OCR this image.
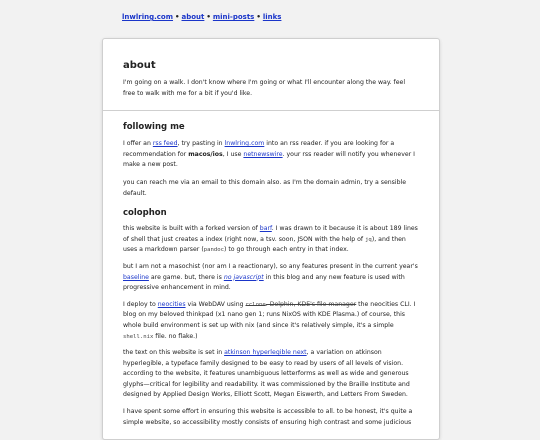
lnwlring.com • about • mini-posts • links
about

I'm going on a walk. I don't know where I'm going or what I'll encounter along the way. feel free to walk with me for a bit if you'd like.

following me

I offer an rss feed, try pasting in lnwlring.com into an rss reader. if you are looking for a recommendation for macos/ios, I use netnewswire. your rss reader will notify you whenever I make a new post.

you can reach me via an email to this domain also. as I'm the domain admin, try a sensible default.

colophon

this website is built with a forked version of barf. I was drawn to it because it is about 189 lines of shell that just creates a index (right now, a tsv. soon, JSON with the help of jq), and then uses a markdown parser (pandoc) to go through each entry in that index.

but I am not a masochist (nor am I a reactionary), so any features present in the current year's baseline are game. but, there is no javascript in this blog and any new feature is used with progressive enhancement in mind.

I deploy to neocities via WebDAV using rclone. Dolphin, KDE's file manager the neocities CLI. I blog on my beloved thinkpad (x1 nano gen 1; runs NixOS with KDE Plasma.) of course, this whole build environment is set up with nix (and since it's relatively simple, it's a simple shell.nix file. no flake.)

the text on this website is set in atkinson hyperlegible next, a variation on atkinson hyperlegible, a typeface family designed to be easy to read by users of all levels of vision. according to the website, it features unambiguous letterforms as well as wide and generous glyphs—critical for legibility and readability. it was commissioned by the Braille Institute and designed by Applied Design Works, Elliott Scott, Megan Eiswerth, and Letters From Sweden.

I have spent some effort in ensuring this website is accessible to all. to be honest, it's quite a simple website, so accessibility mostly consists of ensuring high contrast and some judicious
